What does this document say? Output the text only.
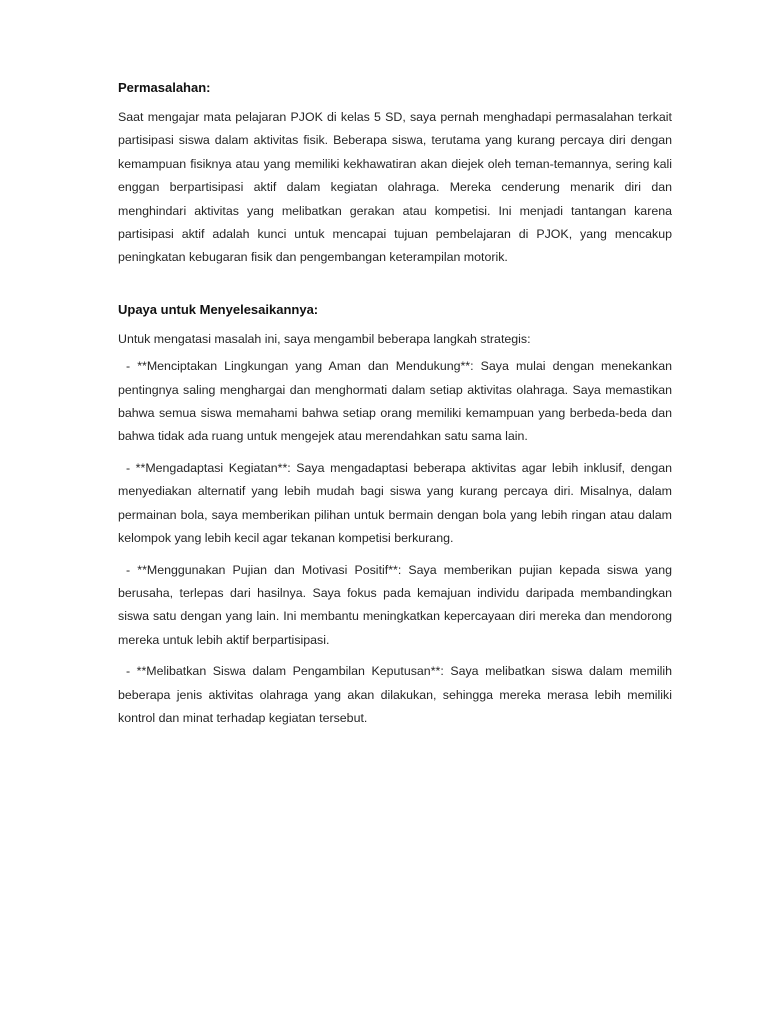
Permasalahan:

Saat mengajar mata pelajaran PJOK di kelas 5 SD, saya pernah menghadapi permasalahan terkait partisipasi siswa dalam aktivitas fisik. Beberapa siswa, terutama yang kurang percaya diri dengan kemampuan fisiknya atau yang memiliki kekhawatiran akan diejek oleh teman-temannya, sering kali enggan berpartisipasi aktif dalam kegiatan olahraga. Mereka cenderung menarik diri dan menghindari aktivitas yang melibatkan gerakan atau kompetisi. Ini menjadi tantangan karena partisipasi aktif adalah kunci untuk mencapai tujuan pembelajaran di PJOK, yang mencakup peningkatan kebugaran fisik dan pengembangan keterampilan motorik.

Upaya untuk Menyelesaikannya:

Untuk mengatasi masalah ini, saya mengambil beberapa langkah strategis:

- **Menciptakan Lingkungan yang Aman dan Mendukung**: Saya mulai dengan menekankan pentingnya saling menghargai dan menghormati dalam setiap aktivitas olahraga. Saya memastikan bahwa semua siswa memahami bahwa setiap orang memiliki kemampuan yang berbeda-beda dan bahwa tidak ada ruang untuk mengejek atau merendahkan satu sama lain.

- **Mengadaptasi Kegiatan**: Saya mengadaptasi beberapa aktivitas agar lebih inklusif, dengan menyediakan alternatif yang lebih mudah bagi siswa yang kurang percaya diri. Misalnya, dalam permainan bola, saya memberikan pilihan untuk bermain dengan bola yang lebih ringan atau dalam kelompok yang lebih kecil agar tekanan kompetisi berkurang.

- **Menggunakan Pujian dan Motivasi Positif**: Saya memberikan pujian kepada siswa yang berusaha, terlepas dari hasilnya. Saya fokus pada kemajuan individu daripada membandingkan siswa satu dengan yang lain. Ini membantu meningkatkan kepercayaan diri mereka dan mendorong mereka untuk lebih aktif berpartisipasi.

- **Melibatkan Siswa dalam Pengambilan Keputusan**: Saya melibatkan siswa dalam memilih beberapa jenis aktivitas olahraga yang akan dilakukan, sehingga mereka merasa lebih memiliki kontrol dan minat terhadap kegiatan tersebut.
